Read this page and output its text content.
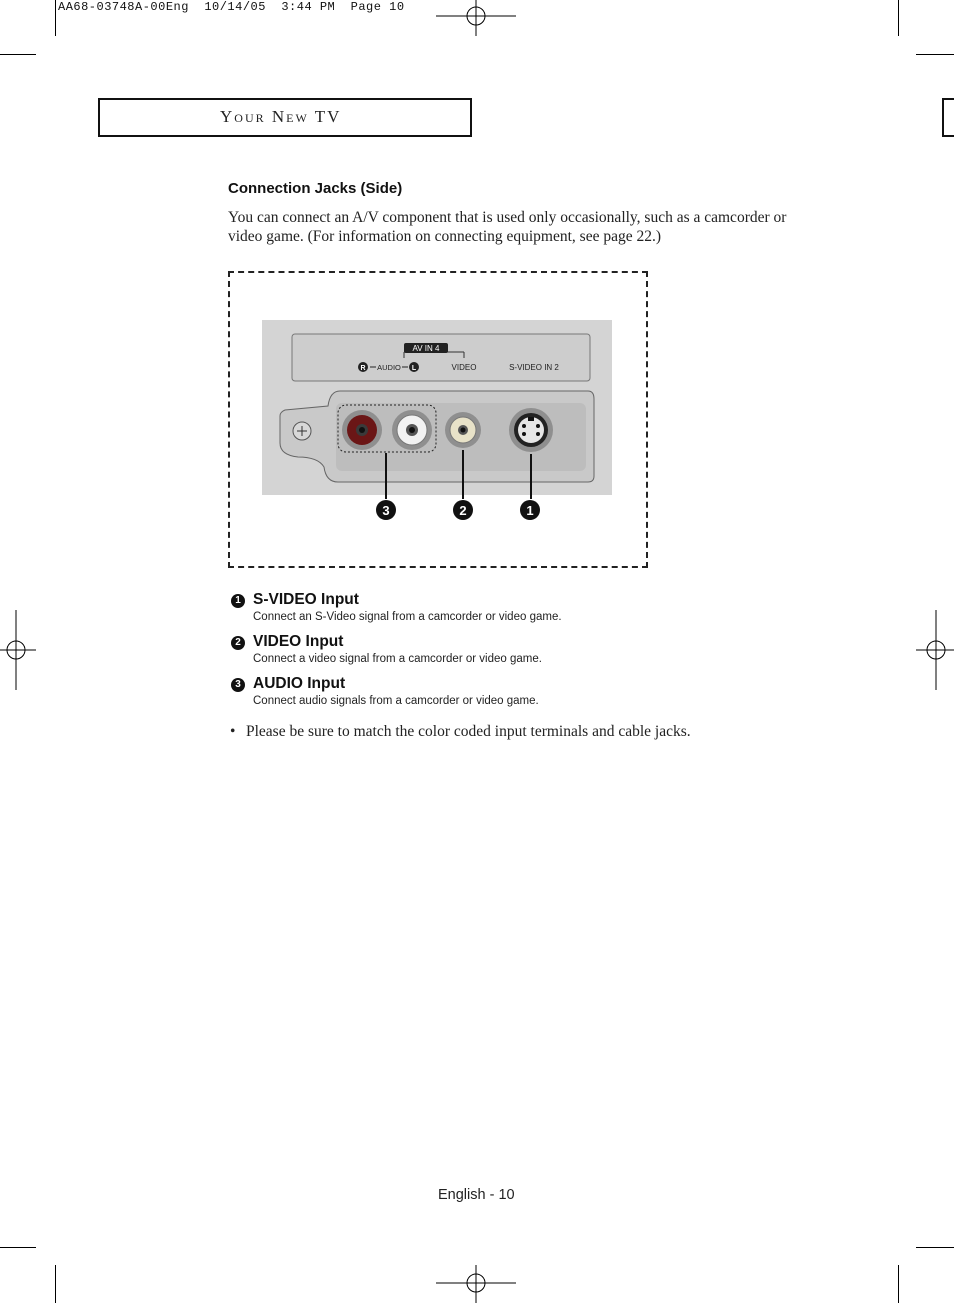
AA68-03748A-00Eng  10/14/05  3:44 PM  Page 10
Your New TV
Connection Jacks (Side)
You can connect an A/V component that is used only occasionally, such as a camcorder or video game. (For information on connecting equipment, see page 22.)
AV IN 4
R AUDIO L	VIDEO	S-VIDEO IN 2
3	2	1
1 S-VIDEO Input
Connect an S-Video signal from a camcorder or video game.
2 VIDEO Input
Connect a video signal from a camcorder or video game.
3 AUDIO Input
Connect audio signals from a camcorder or video game.
• Please be sure to match the color coded input terminals and cable jacks.
English - 10
